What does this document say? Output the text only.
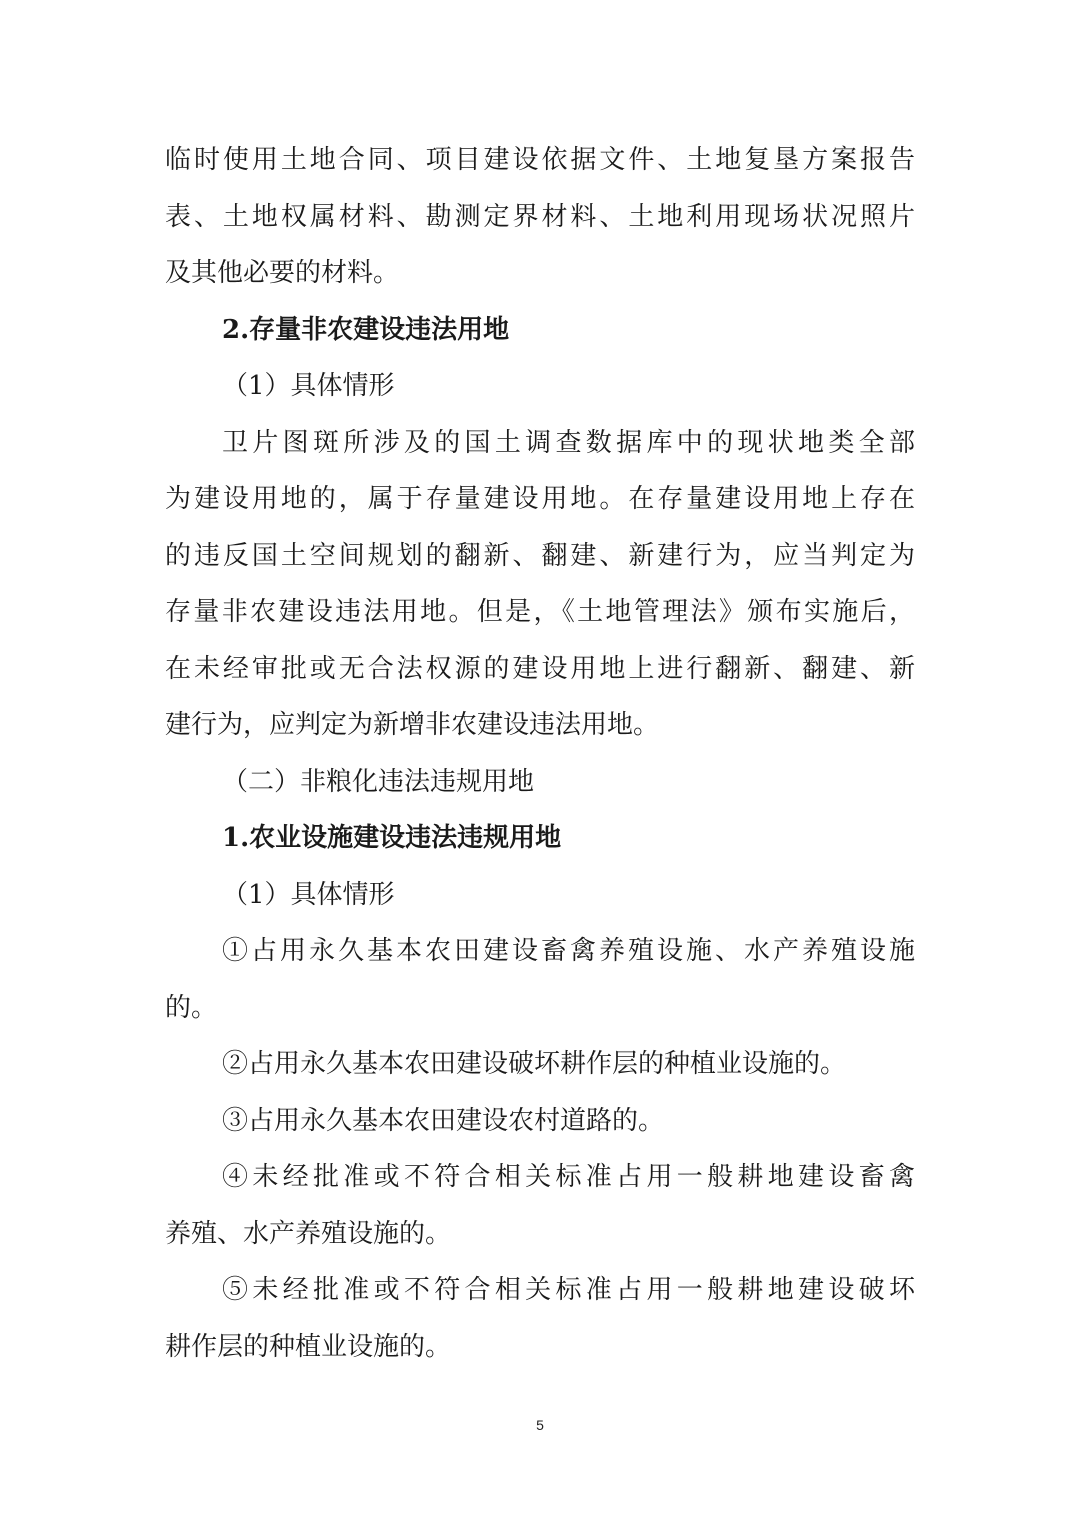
临时使用土地合同、项目建设依据文件、土地复垦方案报告
表、土地权属材料、勘测定界材料、土地利用现场状况照片
及其他必要的材料。
2.存量非农建设违法用地
（1）具体情形
卫片图斑所涉及的国土调查数据库中的现状地类全部
为建设用地的，属于存量建设用地。在存量建设用地上存在
的违反国土空间规划的翻新、翻建、新建行为，应当判定为
存量非农建设违法用地。但是，《土地管理法》颁布实施后，
在未经审批或无合法权源的建设用地上进行翻新、翻建、新
建行为，应判定为新增非农建设违法用地。
（二）非粮化违法违规用地
1.农业设施建设违法违规用地
（1）具体情形
①占用永久基本农田建设畜禽养殖设施、水产养殖设施
的。
②占用永久基本农田建设破坏耕作层的种植业设施的。
③占用永久基本农田建设农村道路的。
④未经批准或不符合相关标准占用一般耕地建设畜禽
养殖、水产养殖设施的。
⑤未经批准或不符合相关标准占用一般耕地建设破坏
耕作层的种植业设施的。
5
